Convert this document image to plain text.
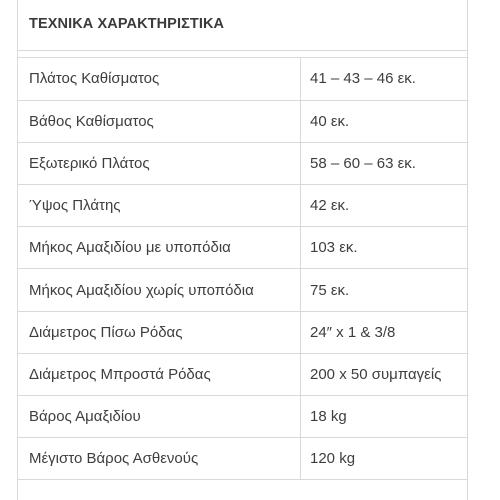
ΤΕΧΝΙΚΑ ΧΑΡΑΚΤΗΡΙΣΤΙΚΑ
Πλάτος Καθίσματος	41 – 43 – 46 εκ.
Βάθος Καθίσματος	40 εκ.
Εξωτερικό Πλάτος	58 – 60 – 63 εκ.
Ύψος Πλάτης	42 εκ.
Μήκος Αμαξιδίου με υποπόδια	103 εκ.
Μήκος Αμαξιδίου χωρίς υποπόδια	75 εκ.
Διάμετρος Πίσω Ρόδας	24″ x 1 & 3/8
Διάμετρος Μπροστά Ρόδας	200 x 50 συμπαγείς
Βάρος Αμαξιδίου	18 kg
Μέγιστο Βάρος Ασθενούς	120 kg
